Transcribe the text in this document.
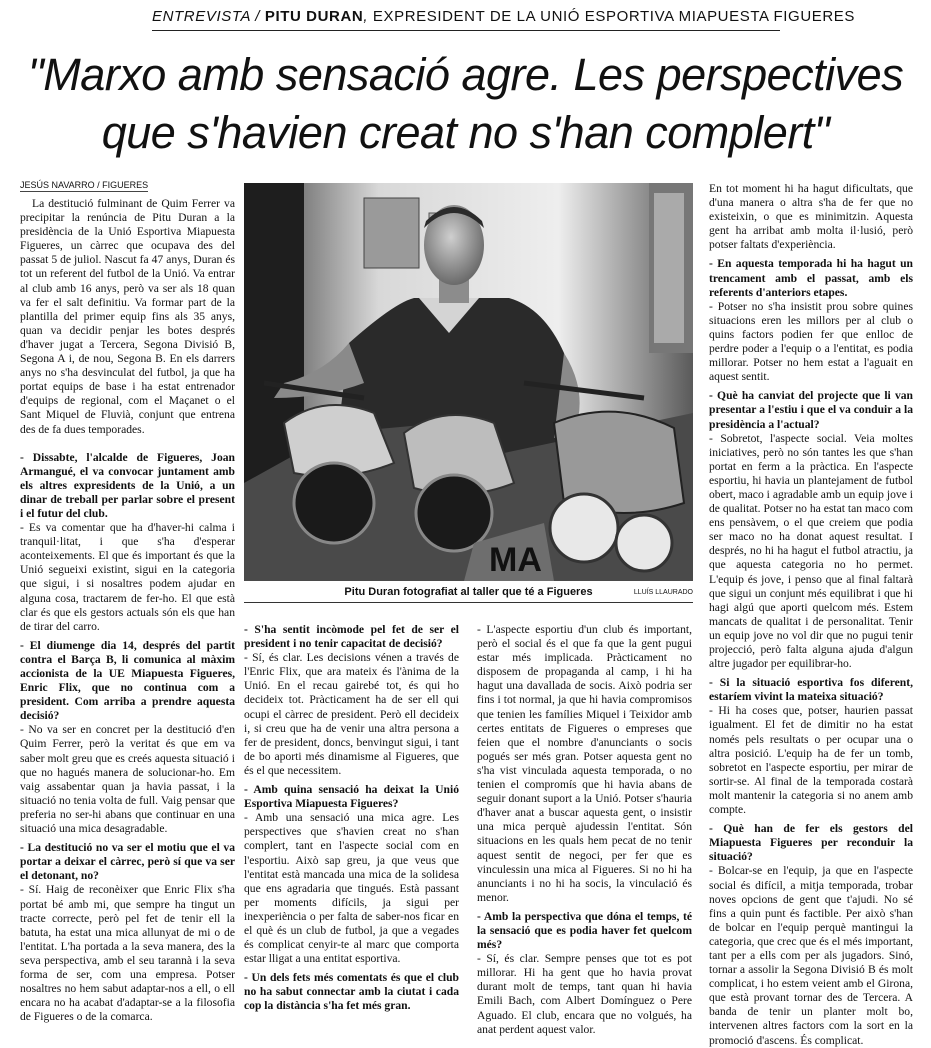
ENTREVISTA / PITU DURAN, EXPRESIDENT DE LA UNIÓ ESPORTIVA MIAPUESTA FIGUERES
"Marxo amb sensació agre. Les perspectives
que s'havien creat no s'han complert"
JESÚS NAVARRO / FIGUERES

La destitució fulminant de Quim Ferrer va precipitar la renúncia de Pitu Duran a la presidència de la Unió Esportiva Miapuesta Figueres, un càrrec que ocupava des del passat 5 de juliol. Nascut fa 47 anys, Duran és tot un referent del futbol de la Unió. Va entrar al club amb 16 anys, però va ser als 18 quan va fer el salt definitiu. Va formar part de la plantilla del primer equip fins als 35 anys, quan va decidir penjar les botes després d'haver jugat a Tercera, Segona Divisió B, Segona A i, de nou, Segona B. En els darrers anys no s'ha desvinculat del futbol, ja que ha portat equips de base i ha estat entrenador d'equips de regional, com el Maçanet o el Sant Miquel de Fluvià, conjunt que entrena des de fa dues temporades.

- Dissabte, l'alcalde de Figueres, Joan Armangué, el va convocar juntament amb els altres expresidents de la Unió, a un dinar de treball per parlar sobre el present i el futur del club.

- Es va comentar que ha d'haver-hi calma i tranquil·litat, i que s'ha d'esperar aconteixements. El que és important és que la Unió segueixi existint, sigui en la categoria que sigui, i si nosaltres podem ajudar en alguna cosa, tractarem de fer-ho. El que està clar és que els gestors actuals són els que han de tirar del carro.

- El diumenge dia 14, després del partit contra el Barça B, li comunica al màxim accionista de la UE Miapuesta Figueres, Enric Flix, que no continua com a president. Com arriba a prendre aquesta decisió?

- No va ser en concret per la destitució d'en Quim Ferrer, però la veritat és que em va saber molt greu que es creés aquesta situació i que no hagués manera de solucionar-ho. Em vaig assabentar quan ja havia passat, i la situació no tenia volta de full. Vaig pensar que preferia no ser-hi abans que continuar en una situació una mica desagradable.

- La destitució no va ser el motiu que el va portar a deixar el càrrec, però sí que va ser el detonant, no?

- Sí. Haig de reconèixer que Enric Flix s'ha portat bé amb mi, que sempre ha tingut un tracte correcte, però pel fet de tenir ell la batuta, ha estat una mica allunyat de mi o de l'entitat. L'ha portada a la seva manera, des la seva perspectiva, amb el seu tarannà i la seva forma de ser, com una empresa. Potser nosaltres no hem sabut adaptar-nos a ell, o ell encara no ha acabat d'adaptar-se a la filosofia de Figueres o de la comarca.

MA
Pitu Duran fotografiat al taller que té a Figueres	LLUÍS LLAURADO

- S'ha sentit incòmode pel fet de ser el president i no tenir capacitat de decisió?

- Sí, és clar. Les decisions vénen a través de l'Enric Flix, que ara mateix és l'ànima de la Unió. En el recau gairebé tot, és qui ho decideix tot. Pràcticament ha de ser ell qui ocupi el càrrec de president. Però ell decideix i, si creu que ha de venir una altra persona a fer de president, doncs, benvingut sigui, i tant de bo aporti més dinamisme al Figueres, que és el que necessitem.

- Amb quina sensació ha deixat la Unió Esportiva Miapuesta Figueres?

- Amb una sensació una mica agre. Les perspectives que s'havien creat no s'han complert, tant en l'aspecte social com en l'esportiu. Això sap greu, ja que veus que l'entitat està mancada una mica de la solidesa que ens agradaria que tingués. Està passant per moments difícils, ja sigui per inexperiència o per falta de saber-nos ficar en el què és un club de futbol, ja que a vegades és complicat cenyir-te al marc que comporta estar lligat a una entitat esportiva.

- Un dels fets més comentats és que el club no ha sabut connectar amb la ciutat i cada cop la distància s'ha fet més gran.

- L'aspecte esportiu d'un club és important, però el social és el que fa que la gent pugui estar més implicada. Pràcticament no disposem de propaganda al camp, i hi ha hagut una davallada de socis. Això podria ser fins i tot normal, ja que hi havia compromisos que tenien les famílies Miquel i Teixidor amb certes entitats de Figueres o empreses que feien que el nombre d'anunciants o socis pogués ser més gran. Potser aquesta gent no s'ha vist vinculada aquesta temporada, o no tenien el compromís que hi havia abans de seguir donant suport a la Unió. Potser s'hauria d'haver anat a buscar aquesta gent, o insistir una mica perquè ajudessin l'entitat. Són situacions en les quals hem pecat de no tenir aquest sentit de negoci, per fer que es vinculessin una mica al Figueres. Si no hi ha anunciants i no hi ha socis, la vinculació és menor.

- Amb la perspectiva que dóna el temps, té la sensació que es podia haver fet quelcom més?

- Sí, és clar. Sempre penses que tot es pot millorar. Hi ha gent que ho havia provat durant molt de temps, tant quan hi havia Emili Bach, com Albert Domínguez o Pere Aguado. El club, encara que no volgués, ha anat perdent aquest valor.

En tot moment hi ha hagut dificultats, que d'una manera o altra s'ha de fer que no existeixin, o que es minimitzin. Aquesta gent ha arribat amb molta il·lusió, però potser faltats d'experiència.

- En aquesta temporada hi ha hagut un trencament amb el passat, amb els referents d'anteriors etapes.

- Potser no s'ha insistit prou sobre quines situacions eren les millors per al club o quins factors podien fer que enlloc de perdre poder a l'equip o a l'entitat, es podia millorar. Potser no hem estat a l'aguait en aquest sentit.

- Què ha canviat del projecte que li van presentar a l'estiu i que el va conduir a la presidència a l'actual?

- Sobretot, l'aspecte social. Veia moltes iniciatives, però no són tantes les que s'han portat en ferm a la pràctica. En l'aspecte esportiu, hi havia un plantejament de futbol obert, maco i agradable amb un equip jove i de qualitat. Potser no ha estat tan maco com ens pensàvem, o el que creiem que podia ser maco no ha donat aquest resultat. I després, no hi ha hagut el futbol atractiu, ja que aquesta categoria no ho permet. L'equip és jove, i penso que al final faltarà que sigui un conjunt més equilibrat i que hi hagi algú que aporti quelcom més. Estem mancats de qualitat i de personalitat. Tenir un equip jove no vol dir que no pugui tenir projecció, però falta alguna ajuda d'algun altre jugador per equilibrar-ho.

- Si la situació esportiva fos diferent, estaríem vivint la mateixa situació?

- Hi ha coses que, potser, haurien passat igualment. El fet de dimitir no ha estat només pels resultats o per ocupar una o altra posició. L'equip ha de fer un tomb, sobretot en l'aspecte esportiu, per mirar de sortir-se. Al final de la temporada costarà molt mantenir la categoria si no anem amb compte.

- Què han de fer els gestors del Miapuesta Figueres per reconduir la situació?

- Bolcar-se en l'equip, ja que en l'aspecte social és difícil, a mitja temporada, trobar noves opcions de gent que t'ajudi. No sé fins a quin punt és factible. Per això s'han de bolcar en l'equip perquè mantingui la categoria, que crec que és el més important, tant per a ells com per als jugadors. Sinó, tornar a assolir la Segona Divisió B és molt complicat, i ho estem veient amb el Girona, que està provant tornar des de Tercera. A banda de tenir un planter molt bo, intervenen altres factors com la sort en la promoció d'ascens. És complicat.
